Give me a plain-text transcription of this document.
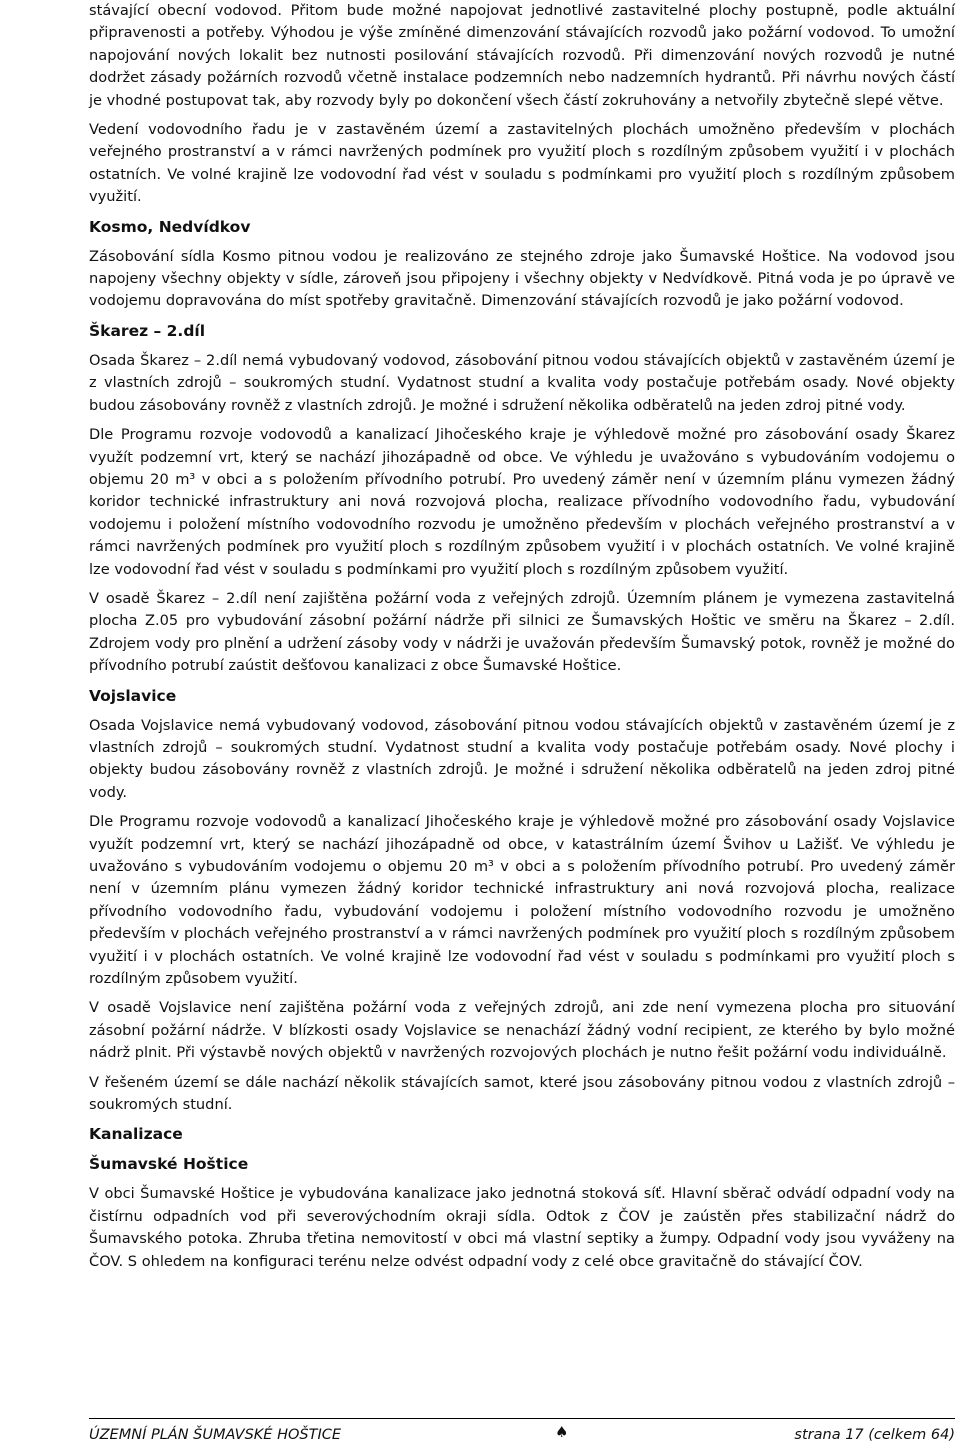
stávající obecní vodovod. Přitom bude možné napojovat jednotlivé zastavitelné plochy postupně, podle aktuální připravenosti a potřeby. Výhodou je výše zmíněné dimenzování stávajících rozvodů jako požární vodovod. To umožní napojování nových lokalit bez nutnosti posilování stávajících rozvodů. Při dimenzování nových rozvodů je nutné dodržet zásady požárních rozvodů včetně instalace podzemních nebo nadzemních hydrantů. Při návrhu nových částí je vhodné postupovat tak, aby rozvody byly po dokončení všech částí zokruhovány a netvořily zbytečně slepé větve.

Vedení vodovodního řadu je v zastavěném území a zastavitelných plochách umožněno především v plochách veřejného prostranství a v rámci navržených podmínek pro využití ploch s rozdílným způsobem využití i v plochách ostatních. Ve volné krajině lze vodovodní řad vést v souladu s podmínkami pro využití ploch s rozdílným způsobem využití.

Kosmo, Nedvídkov

Zásobování sídla Kosmo pitnou vodou je realizováno ze stejného zdroje jako Šumavské Hoštice. Na vodovod jsou napojeny všechny objekty v sídle, zároveň jsou připojeny i všechny objekty v Nedvídkově. Pitná voda je po úpravě ve vodojemu dopravována do míst spotřeby gravitačně. Dimenzování stávajících rozvodů je jako požární vodovod.

Škarez – 2.díl

Osada Škarez – 2.díl nemá vybudovaný vodovod, zásobování pitnou vodou stávajících objektů v zastavěném území je z vlastních zdrojů – soukromých studní. Vydatnost studní a kvalita vody postačuje potřebám osady. Nové objekty budou zásobovány rovněž z vlastních zdrojů. Je možné i sdružení několika odběratelů na jeden zdroj pitné vody.

Dle Programu rozvoje vodovodů a kanalizací Jihočeského kraje je výhledově možné pro zásobování osady Škarez využít podzemní vrt, který se nachází jihozápadně od obce. Ve výhledu je uvažováno s vybudováním vodojemu o objemu 20 m³ v obci a s položením přívodního potrubí. Pro uvedený záměr není v územním plánu vymezen žádný koridor technické infrastruktury ani nová rozvojová plocha, realizace přívodního vodovodního řadu, vybudování vodojemu i položení místního vodovodního rozvodu je umožněno především v plochách veřejného prostranství a v rámci navržených podmínek pro využití ploch s rozdílným způsobem využití i v plochách ostatních. Ve volné krajině lze vodovodní řad vést v souladu s podmínkami pro využití ploch s rozdílným způsobem využití.

V osadě Škarez – 2.díl není zajištěna požární voda z veřejných zdrojů. Územním plánem je vymezena zastavitelná plocha Z.05 pro vybudování zásobní požární nádrže při silnici ze Šumavských Hoštic ve směru na Škarez – 2.díl. Zdrojem vody pro plnění a udržení zásoby vody v nádrži je uvažován především Šumavský potok, rovněž je možné do přívodního potrubí zaústit dešťovou kanalizaci z obce Šumavské Hoštice.

Vojslavice

Osada Vojslavice nemá vybudovaný vodovod, zásobování pitnou vodou stávajících objektů v zastavěném území je z vlastních zdrojů – soukromých studní. Vydatnost studní a kvalita vody postačuje potřebám osady. Nové plochy i objekty budou zásobovány rovněž z vlastních zdrojů. Je možné i sdružení několika odběratelů na jeden zdroj pitné vody.

Dle Programu rozvoje vodovodů a kanalizací Jihočeského kraje je výhledově možné pro zásobování osady Vojslavice využít podzemní vrt, který se nachází jihozápadně od obce, v katastrálním území Švihov u Lažišť. Ve výhledu je uvažováno s vybudováním vodojemu o objemu 20 m³ v obci a s položením přívodního potrubí. Pro uvedený záměr není v územním plánu vymezen žádný koridor technické infrastruktury ani nová rozvojová plocha, realizace přívodního vodovodního řadu, vybudování vodojemu i položení místního vodovodního rozvodu je umožněno především v plochách veřejného prostranství a v rámci navržených podmínek pro využití ploch s rozdílným způsobem využití i v plochách ostatních. Ve volné krajině lze vodovodní řad vést v souladu s podmínkami pro využití ploch s rozdílným způsobem využití.

V osadě Vojslavice není zajištěna požární voda z veřejných zdrojů, ani zde není vymezena plocha pro situování zásobní požární nádrže. V blízkosti osady Vojslavice se nenachází žádný vodní recipient, ze kterého by bylo možné nádrž plnit. Při výstavbě nových objektů v navržených rozvojových plochách je nutno řešit požární vodu individuálně.

V řešeném území se dále nachází několik stávajících samot, které jsou zásobovány pitnou vodou z vlastních zdrojů – soukromých studní.

Kanalizace
Šumavské Hoštice

V obci Šumavské Hoštice je vybudována kanalizace jako jednotná stoková síť. Hlavní sběrač odvádí odpadní vody na čistírnu odpadních vod při severovýchodním okraji sídla. Odtok z ČOV je zaústěn přes stabilizační nádrž do Šumavského potoka. Zhruba třetina nemovitostí v obci má vlastní septiky a žumpy. Odpadní vody jsou vyváženy na ČOV. S ohledem na konfiguraci terénu nelze odvést odpadní vody z celé obce gravitačně do stávající ČOV.

ÚZEMNÍ PLÁN ŠUMAVSKÉ HOŠTICE	♠	strana 17 (celkem 64)
